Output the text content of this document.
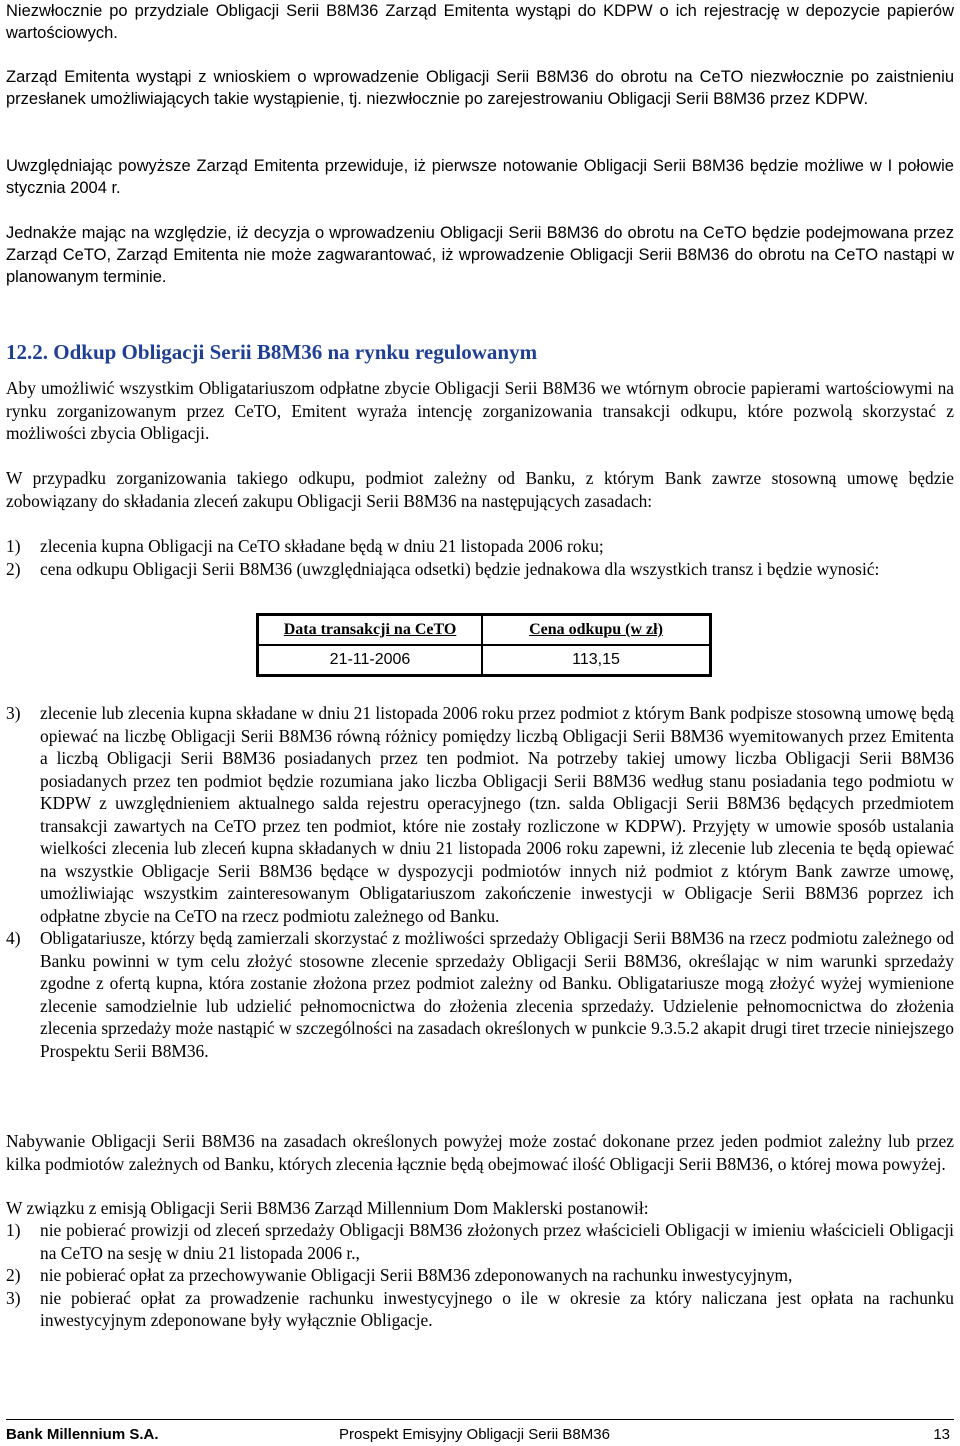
Niezwłocznie po przydziale Obligacji Serii B8M36 Zarząd Emitenta wystąpi do KDPW o ich rejestrację w depozycie papierów wartościowych.

Zarząd Emitenta wystąpi z wnioskiem o wprowadzenie Obligacji Serii B8M36 do obrotu na CeTO niezwłocznie po zaistnieniu przesłanek umożliwiających takie wystąpienie, tj. niezwłocznie po zarejestrowaniu Obligacji Serii B8M36 przez KDPW.

Uwzględniając powyższe Zarząd Emitenta przewiduje, iż pierwsze notowanie Obligacji Serii B8M36 będzie możliwe w I połowie stycznia 2004 r.

Jednakże mając na względzie, iż decyzja o wprowadzeniu Obligacji Serii B8M36 do obrotu na CeTO będzie podejmowana przez Zarząd CeTO, Zarząd Emitenta nie może zagwarantować, iż wprowadzenie Obligacji Serii B8M36 do obrotu na CeTO nastąpi w planowanym terminie.

12.2. Odkup Obligacji Serii B8M36 na rynku regulowanym

Aby umożliwić wszystkim Obligatariuszom odpłatne zbycie Obligacji Serii B8M36 we wtórnym obrocie papierami wartościowymi na rynku zorganizowanym przez CeTO, Emitent wyraża intencję zorganizowania transakcji odkupu, które pozwolą skorzystać z możliwości zbycia Obligacji.

W przypadku zorganizowania takiego odkupu, podmiot zależny od Banku, z którym Bank zawrze stosowną umowę będzie zobowiązany do składania zleceń zakupu Obligacji Serii B8M36 na następujących zasadach:

1) zlecenia kupna Obligacji na CeTO składane będą w dniu 21 listopada 2006 roku;
2) cena odkupu Obligacji Serii B8M36 (uwzględniająca odsetki) będzie jednakowa dla wszystkich transz i będzie wynosić:
Data transakcji na CeTO	Cena odkupu (w zł)
21-11-2006	113,15
3) zlecenie lub zlecenia kupna składane w dniu 21 listopada 2006 roku przez podmiot z którym Bank podpisze stosowną umowę będą opiewać na liczbę Obligacji Serii B8M36 równą różnicy pomiędzy liczbą Obligacji Serii B8M36 wyemitowanych przez Emitenta a liczbą Obligacji Serii B8M36 posiadanych przez ten podmiot. Na potrzeby takiej umowy liczba Obligacji Serii B8M36 posiadanych przez ten podmiot będzie rozumiana jako liczba Obligacji Serii B8M36 według stanu posiadania tego podmiotu w KDPW z uwzględnieniem aktualnego salda rejestru operacyjnego (tzn. salda Obligacji Serii B8M36 będących przedmiotem transakcji zawartych na CeTO przez ten podmiot, które nie zostały rozliczone w KDPW). Przyjęty w umowie sposób ustalania wielkości zlecenia lub zleceń kupna składanych w dniu 21 listopada 2006 roku zapewni, iż zlecenie lub zlecenia te będą opiewać na wszystkie Obligacje Serii B8M36 będące w dyspozycji podmiotów innych niż podmiot z którym Bank zawrze umowę, umożliwiając wszystkim zainteresowanym Obligatariuszom zakończenie inwestycji w Obligacje Serii B8M36 poprzez ich odpłatne zbycie na CeTO na rzecz podmiotu zależnego od Banku.
4) Obligatariusze, którzy będą zamierzali skorzystać z możliwości sprzedaży Obligacji Serii B8M36 na rzecz podmiotu zależnego od Banku powinni w tym celu złożyć stosowne zlecenie sprzedaży Obligacji Serii B8M36, określając w nim warunki sprzedaży zgodne z ofertą kupna, która zostanie złożona przez podmiot zależny od Banku. Obligatariusze mogą złożyć wyżej wymienione zlecenie samodzielnie lub udzielić pełnomocnictwa do złożenia zlecenia sprzedaży. Udzielenie pełnomocnictwa do złożenia zlecenia sprzedaży może nastąpić w szczególności na zasadach określonych w punkcie 9.3.5.2 akapit drugi tiret trzecie niniejszego Prospektu Serii B8M36.

Nabywanie Obligacji Serii B8M36 na zasadach określonych powyżej może zostać dokonane przez jeden podmiot zależny lub przez kilka podmiotów zależnych od Banku, których zlecenia łącznie będą obejmować ilość Obligacji Serii B8M36, o której mowa powyżej.

W związku z emisją Obligacji Serii B8M36 Zarząd Millennium Dom Maklerski postanowił:

1) nie pobierać prowizji od zleceń sprzedaży Obligacji B8M36 złożonych przez właścicieli Obligacji w imieniu właścicieli Obligacji na CeTO na sesję w dniu 21 listopada 2006 r.,
2) nie pobierać opłat za przechowywanie Obligacji Serii B8M36 zdeponowanych na rachunku inwestycyjnym,
3) nie pobierać opłat za prowadzenie rachunku inwestycyjnego o ile w okresie za który naliczana jest opłata na rachunku inwestycyjnym zdeponowane były wyłącznie Obligacje.
Bank Millennium S.A.	Prospekt Emisyjny Obligacji Serii B8M36	13
